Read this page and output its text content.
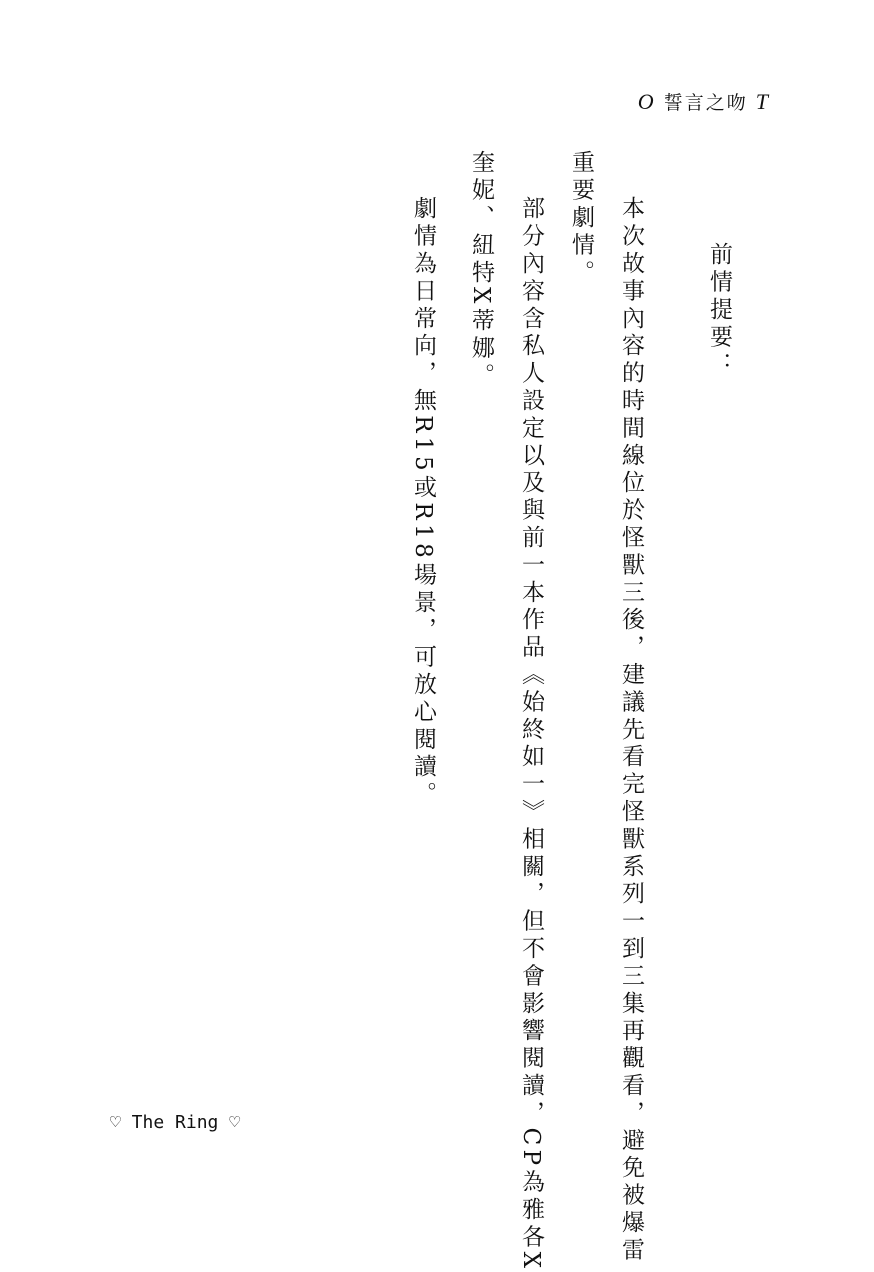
O 誓言之吻 T
前情提要：
本次故事內容的時間線位於怪獸三後，建議先看完怪獸系列一到三集再觀看，避免被爆雷
重要劇情。
部分內容含私人設定以及與前一本作品《始終如一》相關，但不會影響閱讀，CP為雅各X
奎妮、紐特X蒂娜。
劇情為日常向，無R15或R18場景，可放心閱讀。
♡ The Ring ♡
